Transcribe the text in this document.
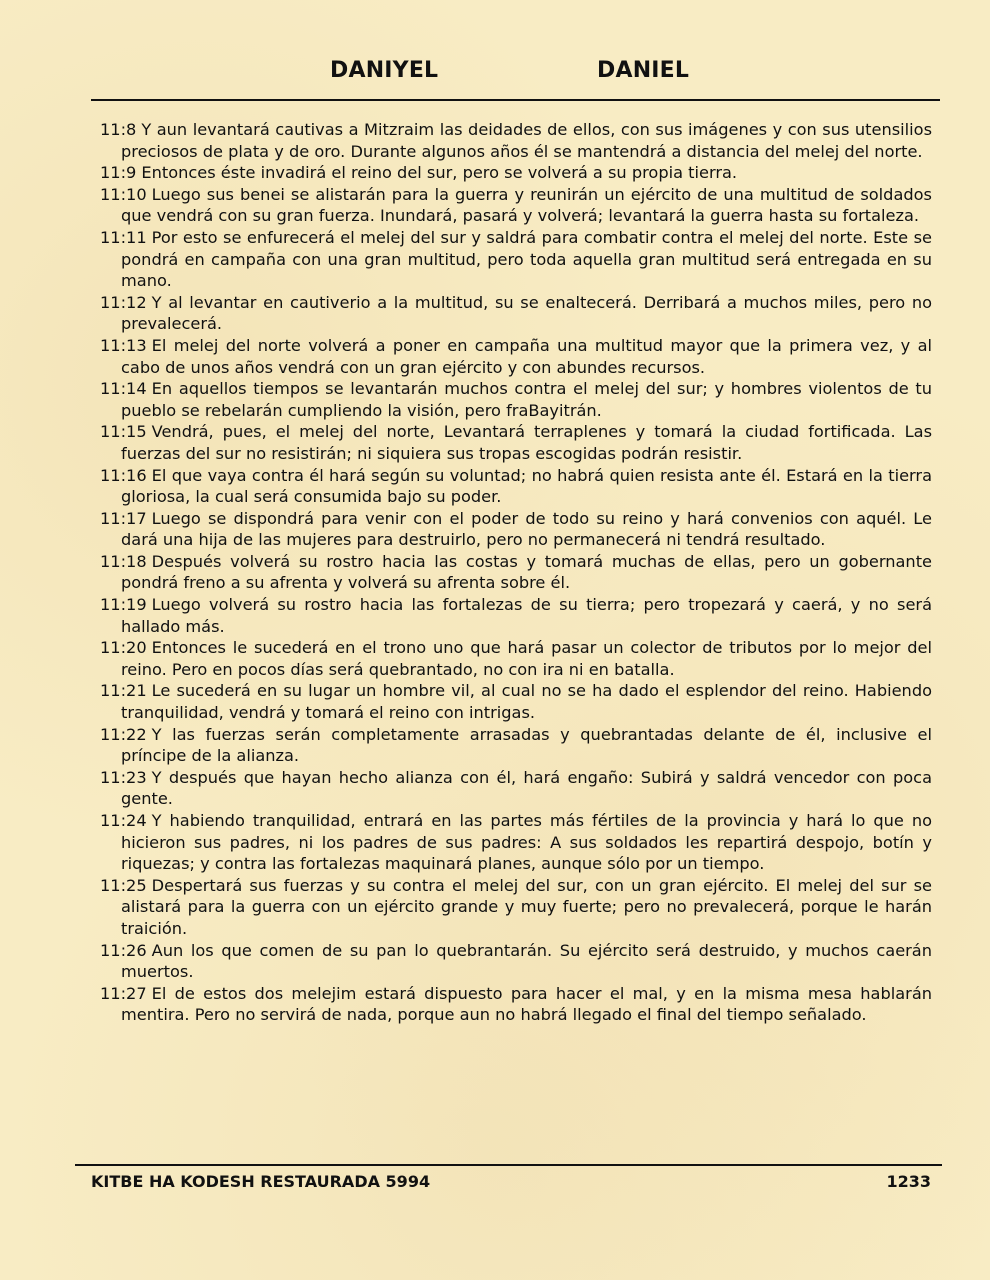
DANIYEL	DANIEL

11:8 Y aun levantará cautivas a Mitzraim las deidades de ellos, con sus imágenes y con sus utensilios preciosos de plata y de oro. Durante algunos años él se mantendrá a distancia del melej del norte.

11:9 Entonces éste invadirá el reino del sur, pero se volverá a su propia tierra.

11:10 Luego sus benei se alistarán para la guerra y reunirán un ejército de una multitud de soldados que vendrá con su gran fuerza. Inundará, pasará y volverá; levantará la guerra hasta su fortaleza.

11:11 Por esto se enfurecerá el melej del sur y saldrá para combatir contra el melej del norte. Este se pondrá en campaña con una gran multitud, pero toda aquella gran multitud será entregada en su mano.

11:12 Y al levantar en cautiverio a la multitud, su se enaltecerá. Derribará a muchos miles, pero no prevalecerá.

11:13 El melej del norte volverá a poner en campaña una multitud mayor que la primera vez, y al cabo de unos años vendrá con un gran ejército y con abundes recursos.

11:14 En aquellos tiempos se levantarán muchos contra el melej del sur; y hombres violentos de tu pueblo se rebelarán cumpliendo la visión, pero fraBayitrán.

11:15 Vendrá, pues, el melej del norte, Levantará terraplenes y tomará la ciudad fortificada. Las fuerzas del sur no resistirán; ni siquiera sus tropas escogidas podrán resistir.

11:16 El que vaya contra él hará según su voluntad; no habrá quien resista ante él. Estará en la tierra gloriosa, la cual será consumida bajo su poder.

11:17 Luego se dispondrá para venir con el poder de todo su reino y hará convenios con aquél. Le dará una hija de las mujeres para destruirlo, pero no permanecerá ni tendrá resultado.

11:18 Después volverá su rostro hacia las costas y tomará muchas de ellas, pero un gobernante pondrá freno a su afrenta y volverá su afrenta sobre él.

11:19 Luego volverá su rostro hacia las fortalezas de su tierra; pero tropezará y caerá, y no será hallado más.

11:20 Entonces le sucederá en el trono uno que hará pasar un colector de tributos por lo mejor del reino. Pero en pocos días será quebrantado, no con ira ni en batalla.

11:21 Le sucederá en su lugar un hombre vil, al cual no se ha dado el esplendor del reino. Habiendo tranquilidad, vendrá y tomará el reino con intrigas.

11:22 Y las fuerzas serán completamente arrasadas y quebrantadas delante de él, inclusive el príncipe de la alianza.

11:23 Y después que hayan hecho alianza con él, hará engaño: Subirá y saldrá vencedor con poca gente.

11:24 Y habiendo tranquilidad, entrará en las partes más fértiles de la provincia y hará lo que no hicieron sus padres, ni los padres de sus padres: A sus soldados les repartirá despojo, botín y riquezas; y contra las fortalezas maquinará planes, aunque sólo por un tiempo.

11:25 Despertará sus fuerzas y su contra el melej del sur, con un gran ejército. El melej del sur se alistará para la guerra con un ejército grande y muy fuerte; pero no prevalecerá, porque le harán traición.

11:26 Aun los que comen de su pan lo quebrantarán. Su ejército será destruido, y muchos caerán muertos.

11:27 El de estos dos melejim estará dispuesto para hacer el mal, y en la misma mesa hablarán mentira. Pero no servirá de nada, porque aun no habrá llegado el final del tiempo señalado.

KITBE HA KODESH RESTAURADA 5994	1233
